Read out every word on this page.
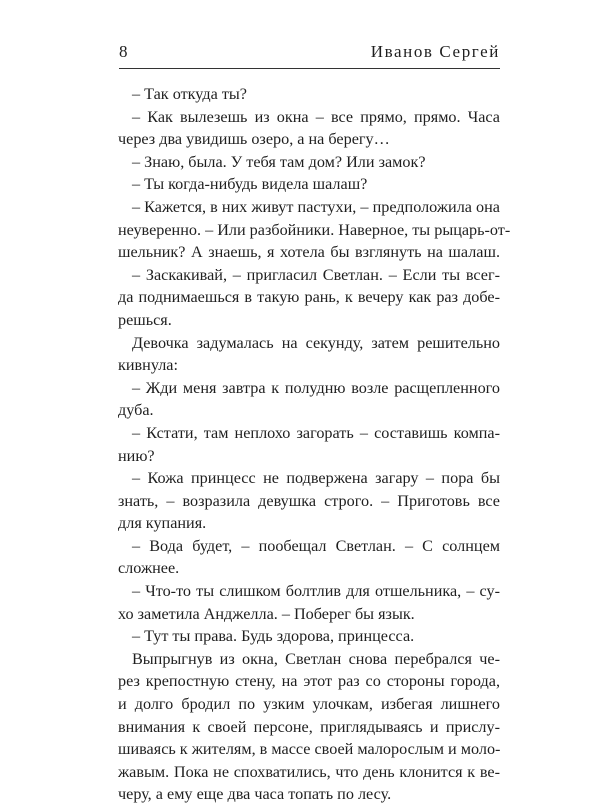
8	Иванов Сергей
– Так откуда ты?
– Как вылезешь из окна – все прямо, прямо. Часа
через два увидишь озеро, а на берегу…
– Знаю, была. У тебя там дом? Или замок?
– Ты когда-нибудь видела шалаш?
– Кажется, в них живут пастухи, – предположила она
неуверенно. – Или разбойники. Наверное, ты рыцарь-от-
шельник? А знаешь, я хотела бы взглянуть на шалаш.
– Заскакивай, – пригласил Светлан. – Если ты всег-
да поднимаешься в такую рань, к вечеру как раз добе-
решься.
Девочка задумалась на секунду, затем решительно
кивнула:
– Жди меня завтра к полудню возле расщепленного
дуба.
– Кстати, там неплохо загорать – составишь компа-
нию?
– Кожа принцесс не подвержена загару – пора бы
знать, – возразила девушка строго. – Приготовь все
для купания.
– Вода будет, – пообещал Светлан. – С солнцем
сложнее.
– Что-то ты слишком болтлив для отшельника, – су-
хо заметила Анджелла. – Поберег бы язык.
– Тут ты права. Будь здорова, принцесса.
Выпрыгнув из окна, Светлан снова перебрался че-
рез крепостную стену, на этот раз со стороны города,
и долго бродил по узким улочкам, избегая лишнего
внимания к своей персоне, приглядываясь и прислу-
шиваясь к жителям, в массе своей малорослым и моло-
жавым. Пока не спохватились, что день клонится к ве-
черу, а ему еще два часа топать по лесу.
